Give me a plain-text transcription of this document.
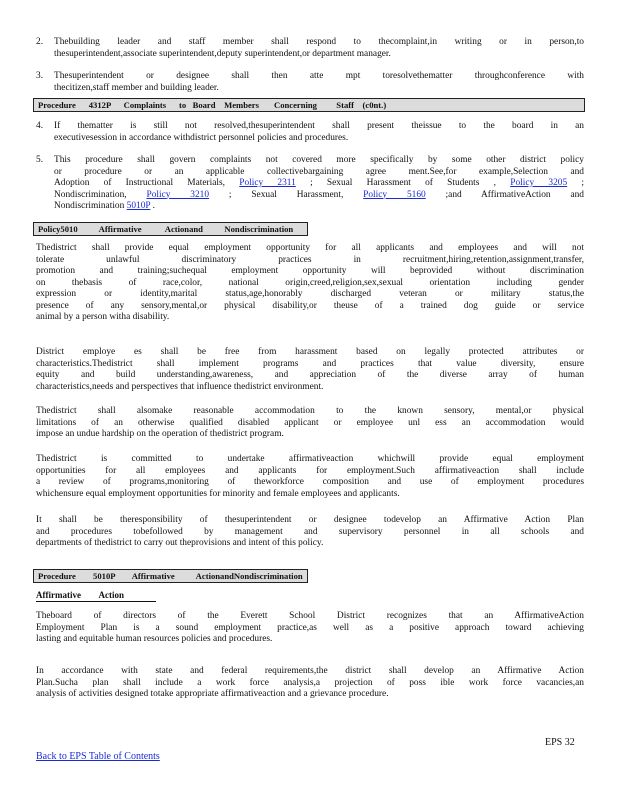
2.	Thebuilding leader and staff member shall respond to thecomplaint,in writing or in person,to
thesuperintendent,associate superintendent,deputy superintendent,or department manager.
3.	Thesuperintendent or designee shall then atte mpt toresolvethematter throughconference with
thecitizen,staff member and building leader.
Procedure      4312P      Complaints      to   Board    Members       Concerning         Staff    (c0nt.)
4.	If thematter is still not resolved,thesuperintendent shall present theissue to the board in an
executivesession in accordance withdistrict personnel policies and procedures.
5.	This procedure shall govern complaints not covered more specifically by some other district policy
or procedure or an applicable collectivebargaining agree ment.See,for example,Selection and
Adoption of Instructional Materials, Policy 2311 ; Sexual Harassment of Students , Policy 3205 ;
Nondiscrimination, Policy 3210 ; Sexual Harassment, Policy 5160 ;and AffirmativeAction and
Nondiscrimination 5010P .
Policy5010          Affirmative           Actionand          Nondiscrimination
Thedistrict shall provide equal employment opportunity for all applicants and employees and will not
tolerate unlawful discriminatory practices in recruitment,hiring,retention,assignment,transfer,
promotion and training;suchequal employment opportunity will beprovided without discrimination
on thebasis of race,color, national origin,creed,religion,sex,sexual orientation including gender
expression or identity,marital status,age,honorably discharged veteran or military status,the
presence of any sensory,mental,or physical disability,or theuse of a trained dog guide or service
animal by a person witha disability.
District employe es shall be free from harassment based on legally protected attributes or
characteristics.Thedistrict shall implement programs and practices that value diversity, ensure
equity and build understanding,awareness, and appreciation of the diverse array of human
characteristics,needs and perspectives that influence thedistrict environment.
Thedistrict shall alsomake reasonable accommodation to the known sensory, mental,or physical
limitations of an otherwise qualified disabled applicant or employee unl ess an accommodation would
impose an undue hardship on the operation of thedistrict program.
Thedistrict is committed to undertake affirmativeaction whichwill provide equal employment
opportunities for all employees and applicants for employment.Such affirmativeaction shall include
a review of programs,monitoring of theworkforce composition and use of employment procedures
whichensure equal employment opportunities for minority and female employees and applicants.
It shall be theresponsibility of thesuperintendent or designee todevelop an Affirmative Action Plan
and procedures tobefollowed by management and supervisory personnel in all schools and
departments of thedistrict to carry out theprovisions and intent of this policy.
Procedure        5010P        Affirmative          ActionandNondiscrimination
Affirmative        Action
Theboard of directors of the Everett School District recognizes that an AffirmativeAction
Employment Plan is a sound employment practice,as well as a positive approach toward achieving
lasting and equitable human resources policies and procedures.
In accordance with state and federal requirements,the district shall develop an Affirmative Action
Plan.Sucha plan shall include a work force analysis,a projection of poss ible work force vacancies,an
analysis of activities designed totake appropriate affirmativeaction and a grievance procedure.
EPS 32
Back to EPS Table of Contents
